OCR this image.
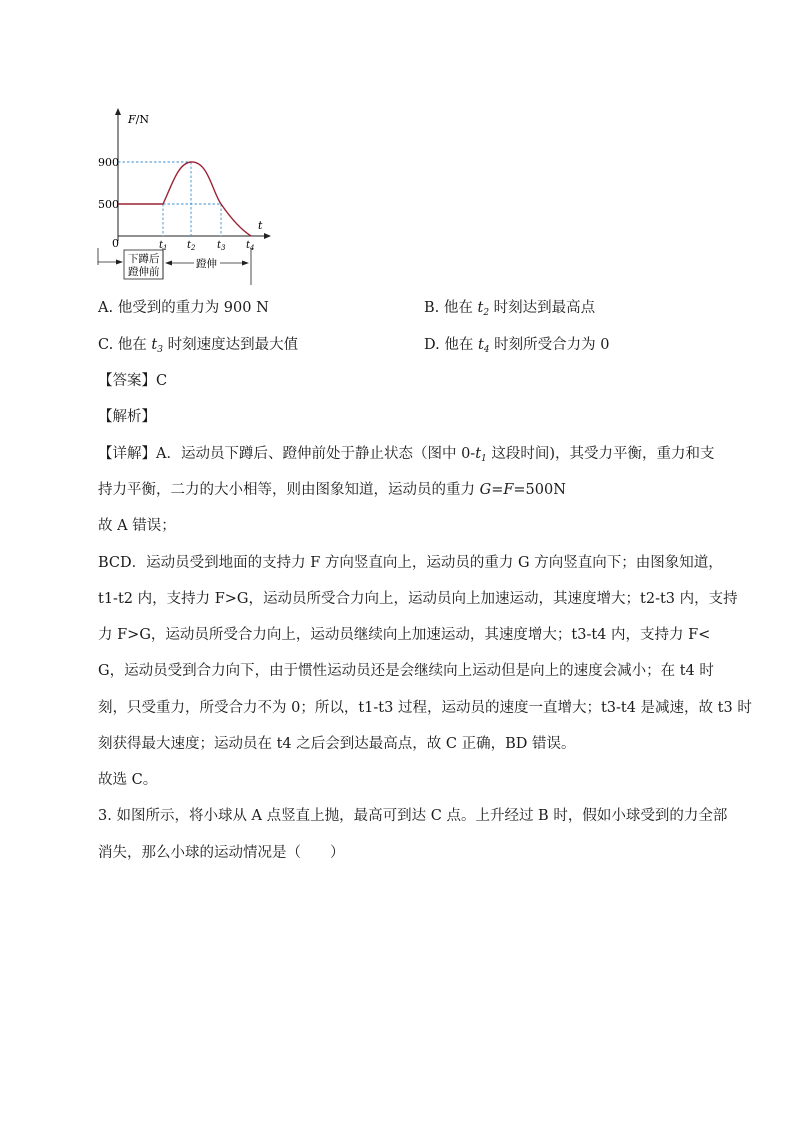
F/N
t
900
500
0	$t_1$ $t_2$ $t_3$ $t_4$
下蹲后
蹬伸前
蹬伸
A. 他受到的重力为 900 N	B. 他在 $t_2$ 时刻达到最高点
C. 他在 $t_3$ 时刻速度达到最大值	D. 他在 $t_4$ 时刻所受合力为 0
【答案】C
【解析】
【详解】A．运动员下蹲后、蹬伸前处于静止状态（图中 $0-t_1$ 这段时间)，其受力平衡，重力和支
持力平衡，二力的大小相等，则由图象知道，运动员的重力 G=F=500N
故 A 错误；
BCD．运动员受到地面的支持力 F 方向竖直向上，运动员的重力 G 方向竖直向下；由图象知道，
t1-t2 内，支持力 F>G，运动员所受合力向上，运动员向上加速运动，其速度增大；t2-t3 内，支持
力 F>G，运动员所受合力向上，运动员继续向上加速运动，其速度增大；t3-t4 内，支持力 F<
G，运动员受到合力向下，由于惯性运动员还是会继续向上运动但是向上的速度会减小；在 t4 时
刻，只受重力，所受合力不为 0；所以，t1-t3 过程，运动员的速度一直增大；t3-t4 是减速，故 t3 时
刻获得最大速度；运动员在 t4 之后会到达最高点，故 C 正确，BD 错误。
故选 C。
3. 如图所示，将小球从 A 点竖直上抛，最高可到达 C 点。上升经过 B 时，假如小球受到的力全部
消失，那么小球的运动情况是（　　）
